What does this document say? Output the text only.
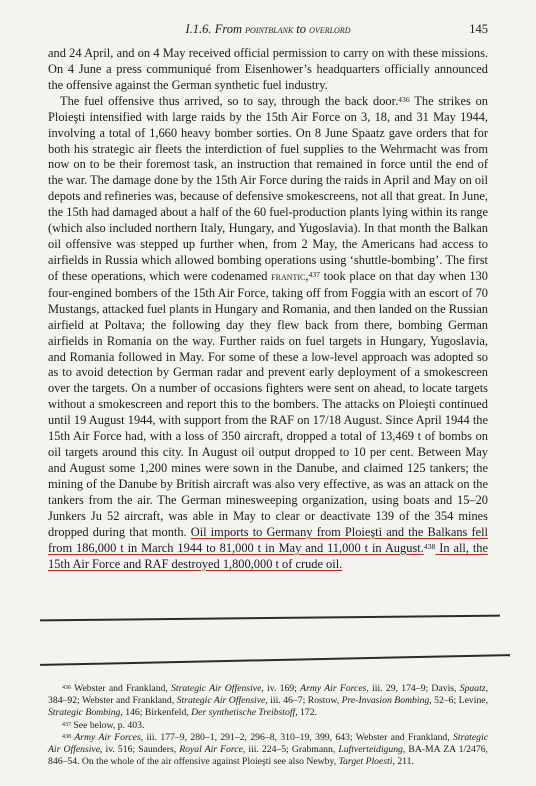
I.1.6. From pointblank to overlord	145

and 24 April, and on 4 May received official permission to carry on with these missions. On 4 June a press communiqué from Eisenhower’s headquarters officially announced the offensive against the German synthetic fuel industry.

The fuel offensive thus arrived, so to say, through the back door.$^{436}$ The strikes on Ploieşti intensified with large raids by the 15th Air Force on 3, 18, and 31 May 1944, involving a total of 1,660 heavy bomber sorties. On 8 June Spaatz gave orders that for both his strategic air fleets the interdiction of fuel supplies to the Wehrmacht was from now on to be their foremost task, an instruction that remained in force until the end of the war. The damage done by the 15th Air Force during the raids in April and May on oil depots and refineries was, because of defensive smokescreens, not all that great. In June, the 15th had damaged about a half of the 60 fuel-production plants lying within its range (which also included northern Italy, Hungary, and Yugoslavia). In that month the Balkan oil offensive was stepped up further when, from 2 May, the Americans had access to airfields in Russia which allowed bombing operations using ‘shuttle-bombing’. The first of these operations, which were codenamed frantic,$^{437}$ took place on that day when 130 four-engined bombers of the 15th Air Force, taking off from Foggia with an escort of 70 Mustangs, attacked fuel plants in Hungary and Romania, and then landed on the Russian airfield at Poltava; the following day they flew back from there, bombing German airfields in Romania on the way. Further raids on fuel targets in Hungary, Yugoslavia, and Romania followed in May. For some of these a low-level approach was adopted so as to avoid detection by German radar and prevent early deployment of a smokescreen over the targets. On a number of occasions fighters were sent on ahead, to locate targets without a smokescreen and report this to the bombers. The attacks on Ploieşti continued until 19 August 1944, with support from the RAF on 17/18 August. Since April 1944 the 15th Air Force had, with a loss of 350 aircraft, dropped a total of 13,469 t of bombs on oil targets around this city. In August oil output dropped to 10 per cent. Between May and August some 1,200 mines were sown in the Danube, and claimed 125 tankers; the mining of the Danube by British aircraft was also very effective, as was an attack on the tankers from the air. The German minesweeping organization, using boats and 15–20 Junkers Ju 52 aircraft, was able in May to clear or deactivate 139 of the 354 mines dropped during that month. Oil imports to Germany from Ploieşti and the Balkans fell from 186,000 t in March 1944 to 81,000 t in May and 11,000 t in August.$^{438}$ In all, the 15th Air Force and RAF destroyed 1,800,000 t of crude oil.

$^{436}$ Webster and Frankland, Strategic Air Offensive, iv. 169; Army Air Forces, iii. 29, 174–9; Davis, Spaatz, 384–92; Webster and Frankland, Strategic Air Offensive, iii. 46–7; Rostow, Pre-Invasion Bombing, 52–6; Levine, Strategic Bombing, 146; Birkenfeld, Der synthetische Treibstoff, 172.

$^{437}$ See below, p. 403.

$^{438}$ Army Air Forces, iii. 177–9, 280–1, 291–2, 296–8, 310–19, 399, 643; Webster and Frankland, Strategic Air Offensive, iv. 516; Saunders, Royal Air Force, iii. 224–5; Grabmann, Luftverteidigung, BA-MA ZA 1/2476, 846–54. On the whole of the air offensive against Ploieşti see also Newby, Target Ploesti, 211.
